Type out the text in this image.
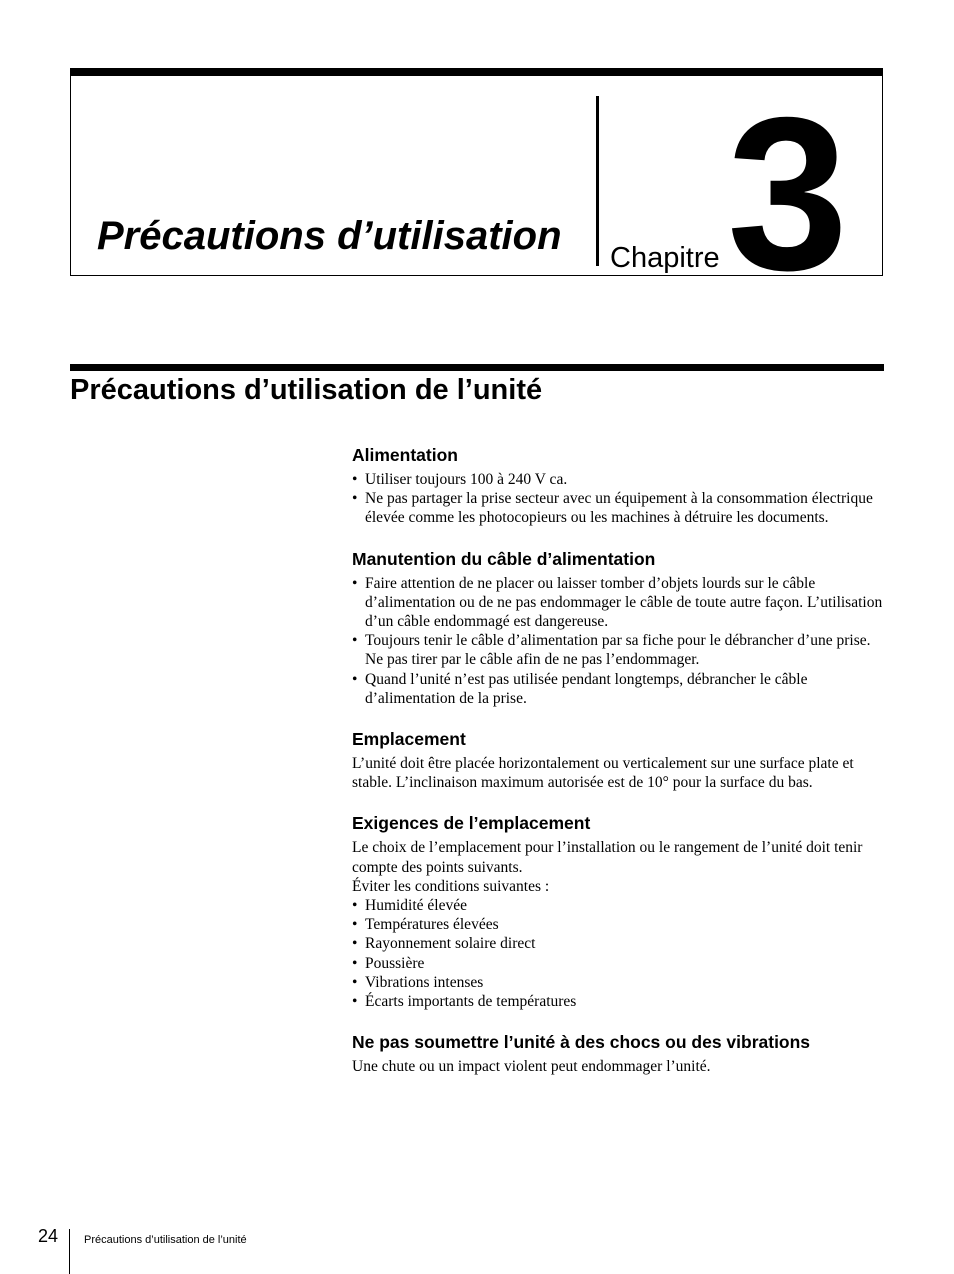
Précautions d’utilisation Chapitre 3
Précautions d’utilisation de l’unité
Alimentation
• Utiliser toujours 100 à 240 V ca.
• Ne pas partager la prise secteur avec un équipement à la consommation électrique élevée comme les photocopieurs ou les machines à détruire les documents.
Manutention du câble d’alimentation
• Faire attention de ne placer ou laisser tomber d’objets lourds sur le câble d’alimentation ou de ne pas endommager le câble de toute autre façon. L’utilisation d’un câble endommagé est dangereuse.
• Toujours tenir le câble d’alimentation par sa fiche pour le débrancher d’une prise. Ne pas tirer par le câble afin de ne pas l’endommager.
• Quand l’unité n’est pas utilisée pendant longtemps, débrancher le câble d’alimentation de la prise.
Emplacement

L’unité doit être placée horizontalement ou verticalement sur une surface plate et stable. L’inclinaison maximum autorisée est de 10° pour la surface du bas.

Exigences de l’emplacement

Le choix de l’emplacement pour l’installation ou le rangement de l’unité doit tenir compte des points suivants.

Éviter les conditions suivantes :

• Humidité élevée
• Températures élevées
• Rayonnement solaire direct
• Poussière
• Vibrations intenses
• Écarts importants de températures
Ne pas soumettre l’unité à des chocs ou des vibrations

Une chute ou un impact violent peut endommager l’unité.

24 Précautions d’utilisation de l’unité
